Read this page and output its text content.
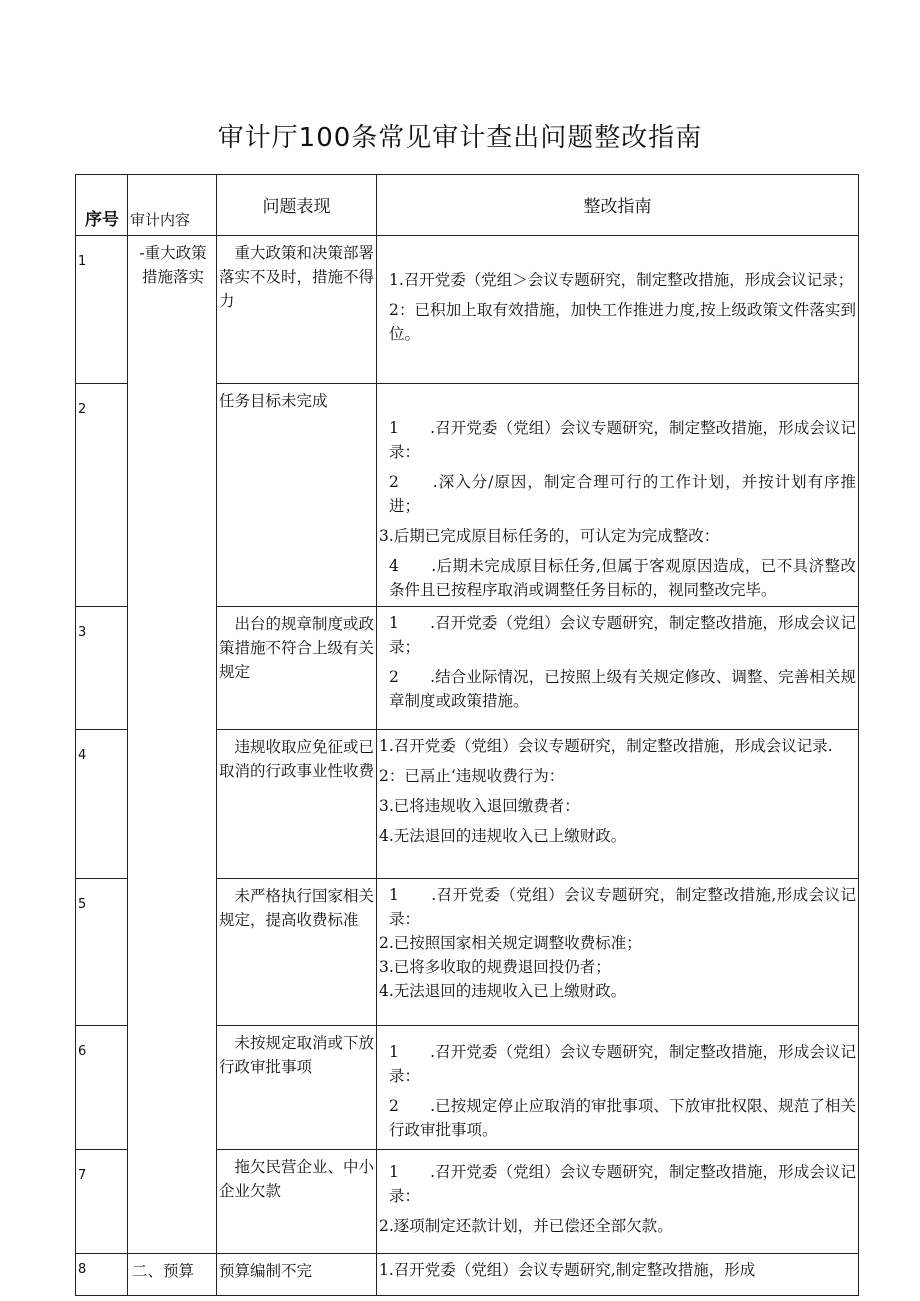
审计厅100条常见审计查出问题整改指南
序号	审计内容	问题表现	整改指南

1	-重大政策措施落实	重大政策和决策部署落实不及时，措施不得力	1.召开党委（党组＞会议专题研究，制定整改措施，形成会议记录；

2：已积加上取有效措施，加快工作推进力度,按上级政策文件落实到位。

2		任务目标未完成	1　　.召开党委（党组）会议专题研究，制定整改措施，形成会议记录：

2　　.深入分/原因，制定合理可行的工作计划，并按计划有序推进；

3.后期已完成原目标任务的，可认定为完成整改：

4　　.后期未完成原目标任务,但属于客观原因造成，已不具济整改条件且已按程序取消或调整任务目标的，视同整改完毕。

3		出台的规章制度或政策措施不符合上级有关规定	1　　.召开党委（党组）会议专题研究，制定整改措施，形成会议记录；

2　　.结合业际情况，已按照上级有关规定修改、调整、完善相关规章制度或政策措施。

4		违规收取应免征或已取消的行政事业性收费	1.召开党委（党组）会议专题研究，制定整改措施，形成会议记录.

2：已鬲止‘违规收费行为：

3.已将违规收入退回缴费者：

4.无法退回的违规收入已上缴财政。

5		未严格执行国家相关规定，提高收费标准	1　　.召开党委（党组）会议专题研究，制定整改措施,形成会议记录：

2.已按照国家相关规定调整收费标准；

3.已将多收取的规费退回投仍者；

4.无法退回的违规收入已上缴财政。

6		未按规定取消或下放行政审批事项	1　　.召开党委（党组）会议专题研究，制定整改措施，形成会议记录：

2　　.已按规定停止应取消的审批事项、下放审批权限、规范了相关行政审批事项。

7		拖欠民营企业、中小企业欠款	1　　.召开党委（党组）会议专题研究，制定整改措施，形成会议记录：

2.逐项制定还款计划，并已偿还全部欠款。

8	二、预算	预算编制不完	1.召开党委（党组）会议专题研究,制定整改措施，形成
